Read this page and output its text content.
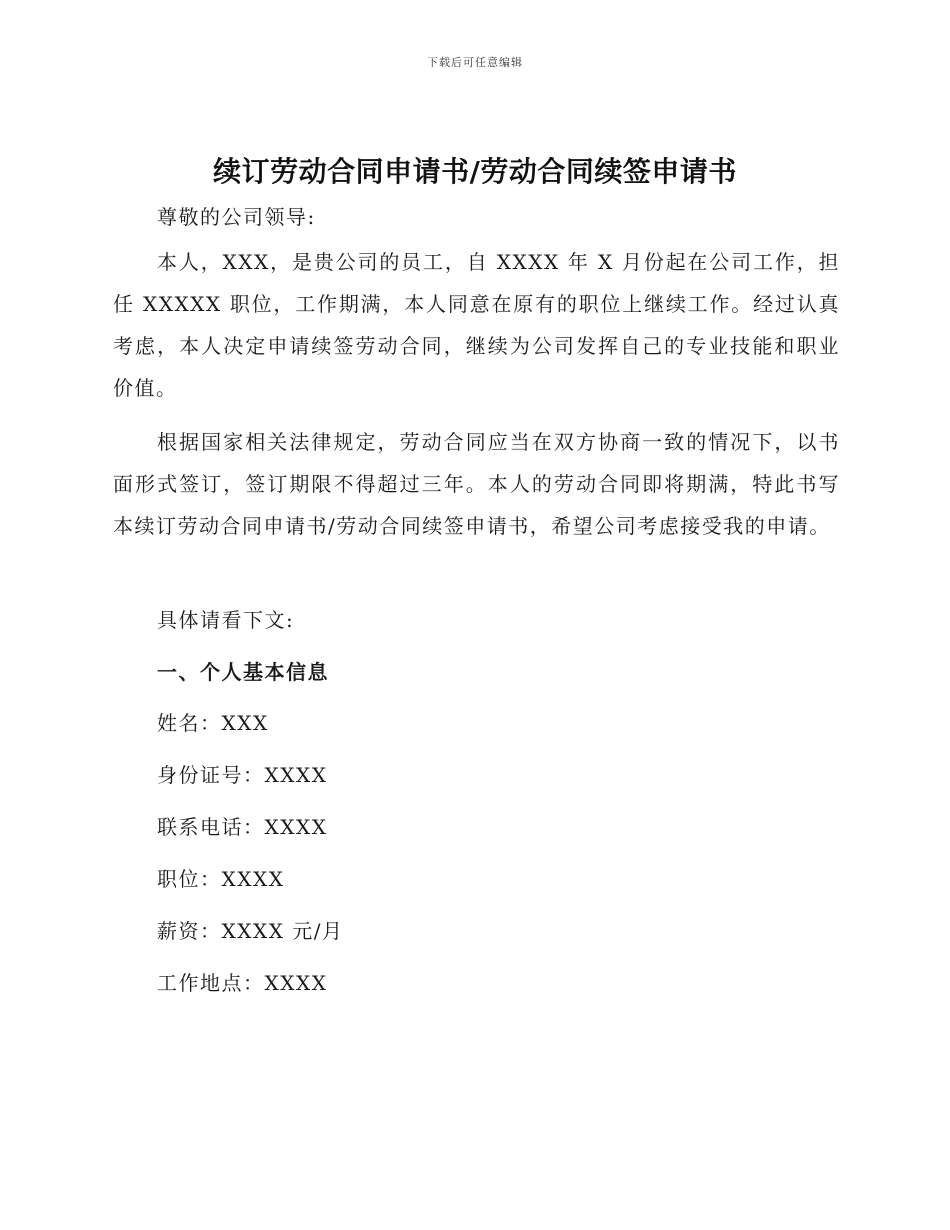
下载后可任意编辑
续订劳动合同申请书/劳动合同续签申请书
尊敬的公司领导:
本人，XXX，是贵公司的员工，自 XXXX 年 X 月份起在公司工作，担任 XXXXX 职位，工作期满，本人同意在原有的职位上继续工作。经过认真考虑，本人决定申请续签劳动合同，继续为公司发挥自己的专业技能和职业价值。
根据国家相关法律规定，劳动合同应当在双方协商一致的情况下，以书面形式签订，签订期限不得超过三年。本人的劳动合同即将期满，特此书写本续订劳动合同申请书/劳动合同续签申请书，希望公司考虑接受我的申请。
具体请看下文:
一、个人基本信息
姓名：XXX
身份证号：XXXX
联系电话：XXXX
职位：XXXX
薪资：XXXX 元/月
工作地点：XXXX
